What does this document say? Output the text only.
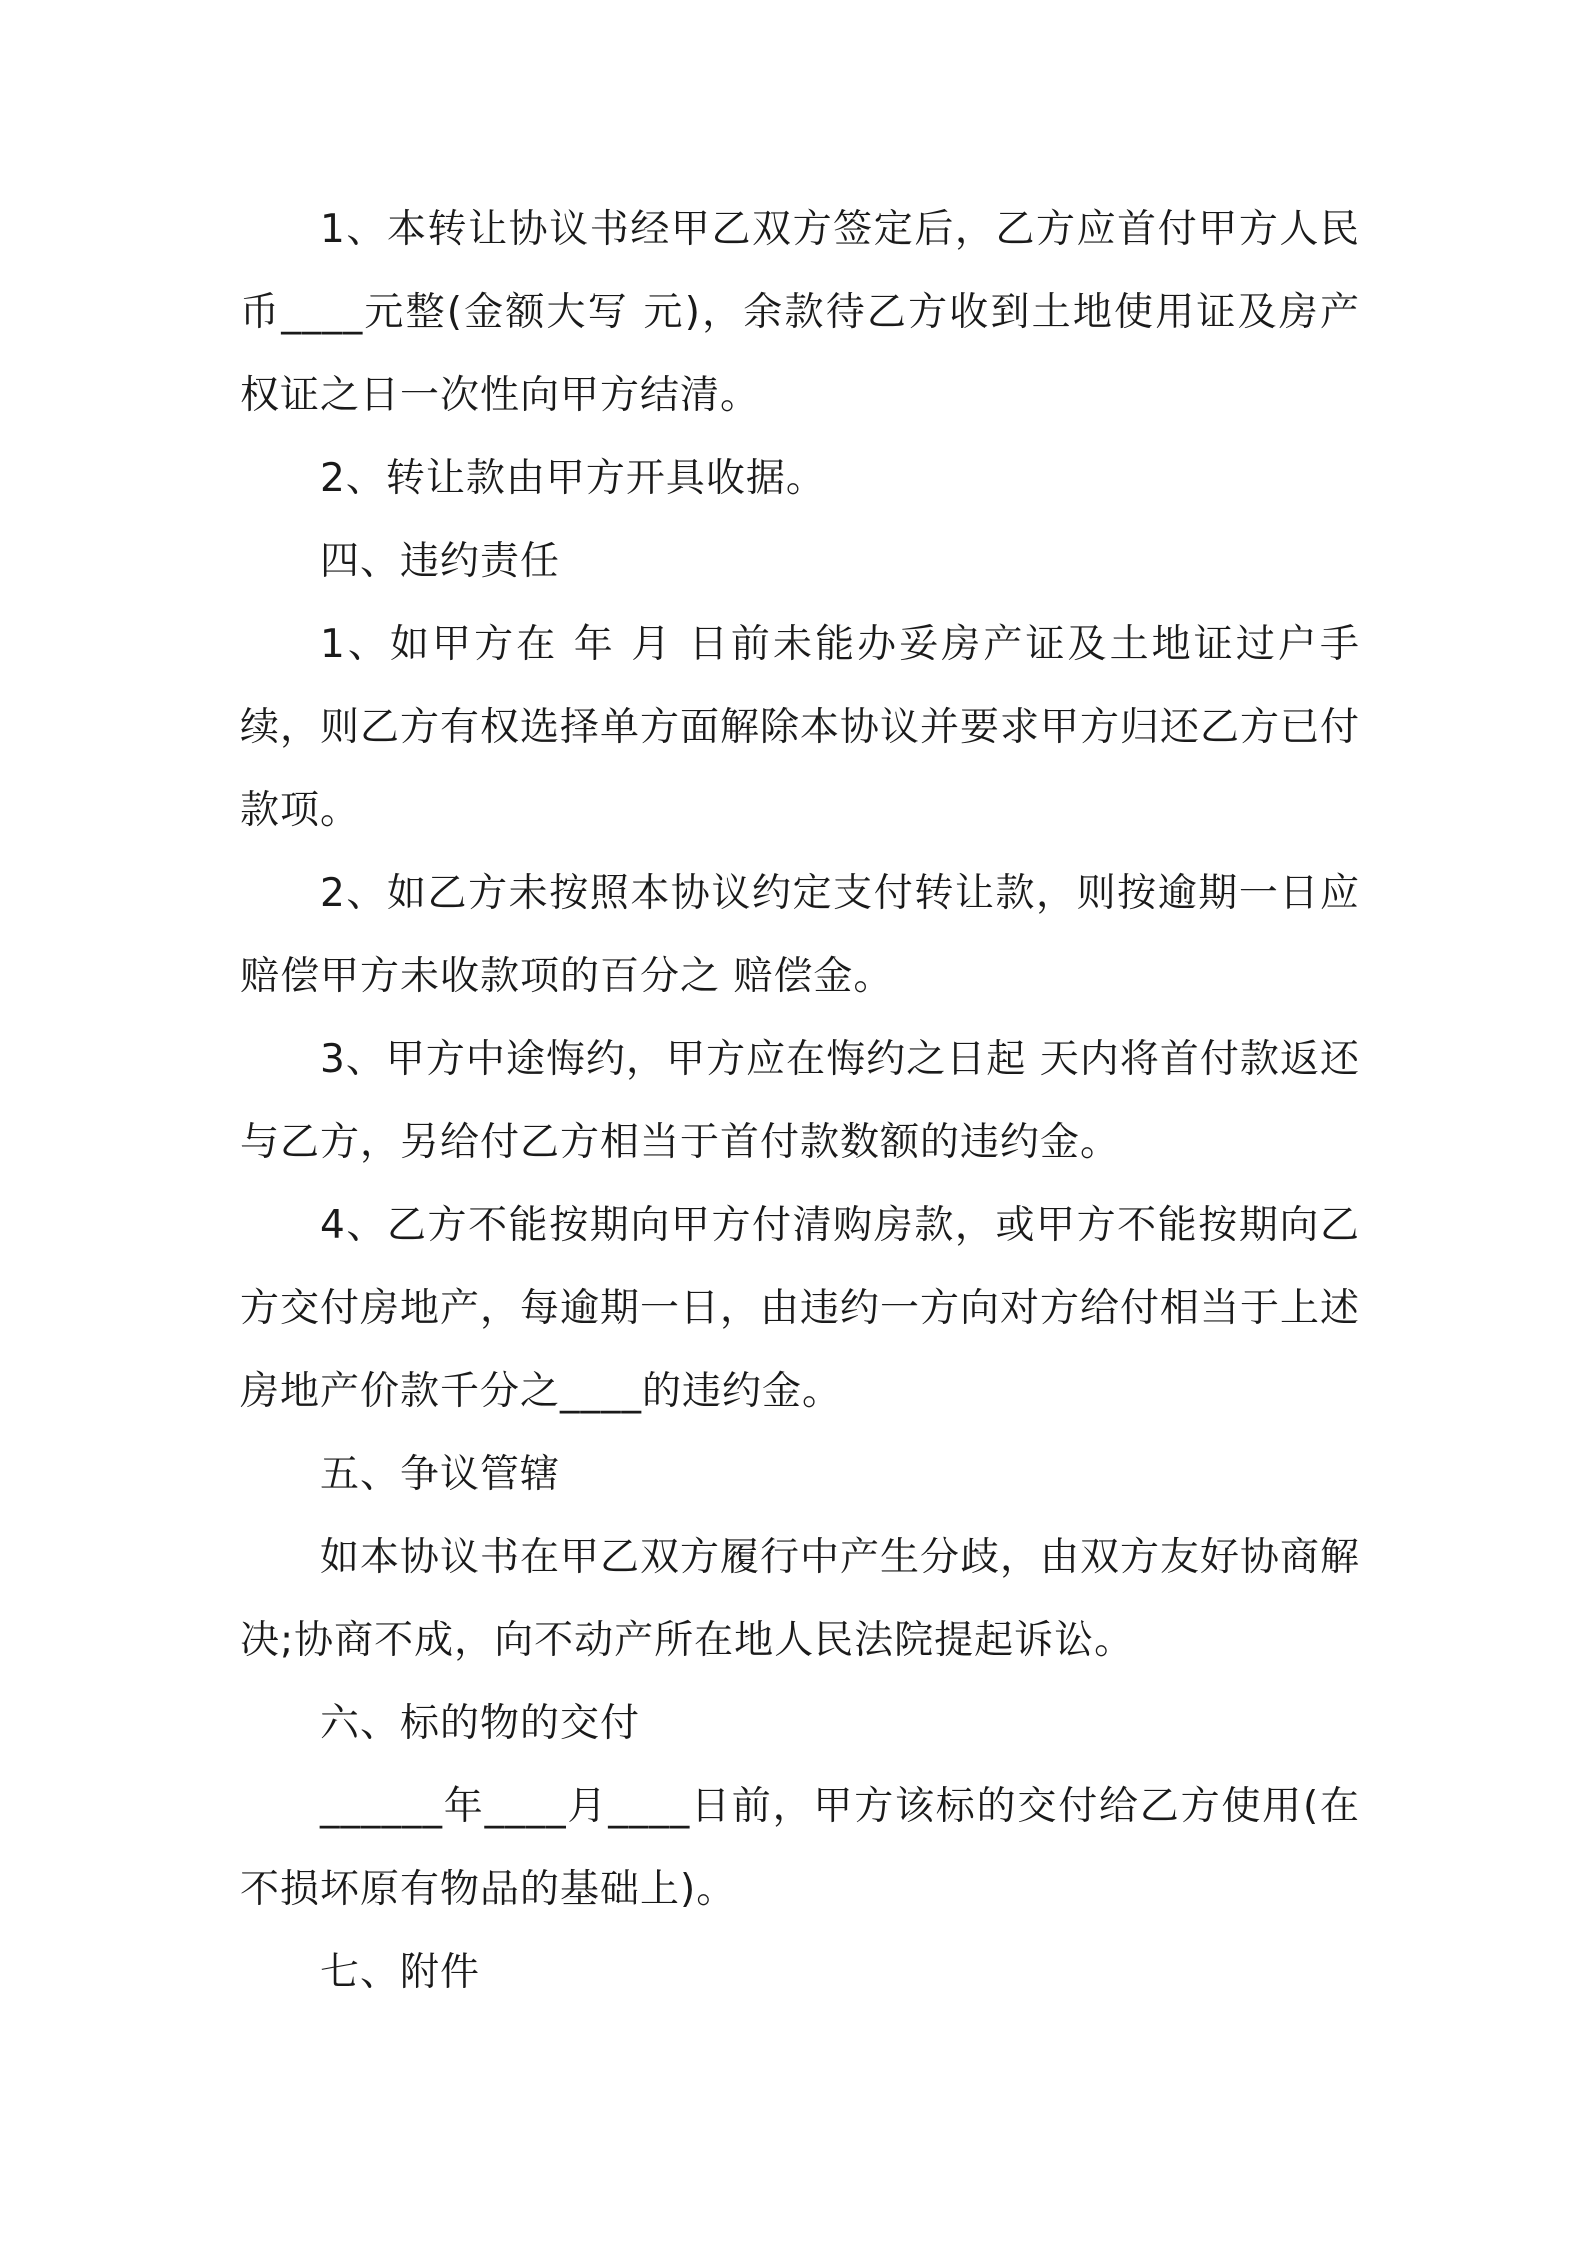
1、本转让协议书经甲乙双方签定后，乙方应首付甲方人民币____元整(金额大写 元)，余款待乙方收到土地使用证及房产权证之日一次性向甲方结清。

2、转让款由甲方开具收据。

四、违约责任

1、如甲方在 年 月 日前未能办妥房产证及土地证过户手续，则乙方有权选择单方面解除本协议并要求甲方归还乙方已付款项。

2、如乙方未按照本协议约定支付转让款，则按逾期一日应赔偿甲方未收款项的百分之 赔偿金。

3、甲方中途悔约，甲方应在悔约之日起 天内将首付款返还与乙方，另给付乙方相当于首付款数额的违约金。

4、乙方不能按期向甲方付清购房款，或甲方不能按期向乙方交付房地产，每逾期一日，由违约一方向对方给付相当于上述房地产价款千分之____的违约金。

五、争议管辖

如本协议书在甲乙双方履行中产生分歧，由双方友好协商解决;协商不成，向不动产所在地人民法院提起诉讼。

六、标的物的交付

______年____月____日前，甲方该标的交付给乙方使用(在不损坏原有物品的基础上)。

七、附件
